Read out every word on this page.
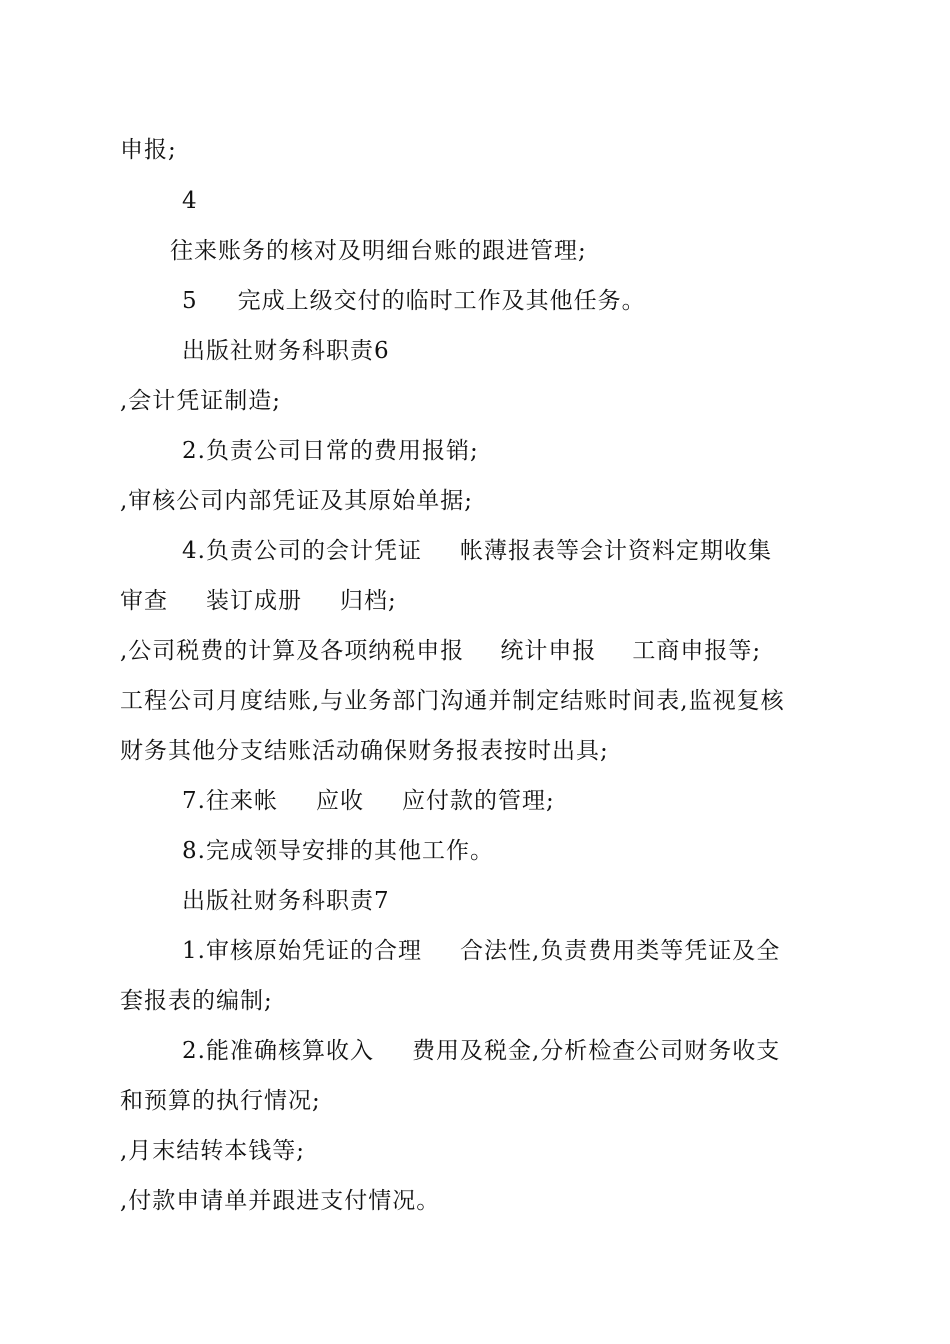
申报;
4
往来账务的核对及明细台账的跟进管理;
5 完成上级交付的临时工作及其他任务。
出版社财务科职责6
,会计凭证制造;
2.负责公司日常的费用报销;
,审核公司内部凭证及其原始单据;
4.负责公司的会计凭证 帐薄报表等会计资料定期收集
审查 装订成册 归档;
,公司税费的计算及各项纳税申报 统计申报 工商申报等;
工程公司月度结账,与业务部门沟通并制定结账时间表,监视复核
财务其他分支结账活动确保财务报表按时出具;
7.往来帐 应收 应付款的管理;
8.完成领导安排的其他工作。
出版社财务科职责7
1.审核原始凭证的合理 合法性,负责费用类等凭证及全
套报表的编制;
2.能准确核算收入 费用及税金,分析检查公司财务收支
和预算的执行情况;
,月末结转本钱等;
,付款申请单并跟进支付情况。
